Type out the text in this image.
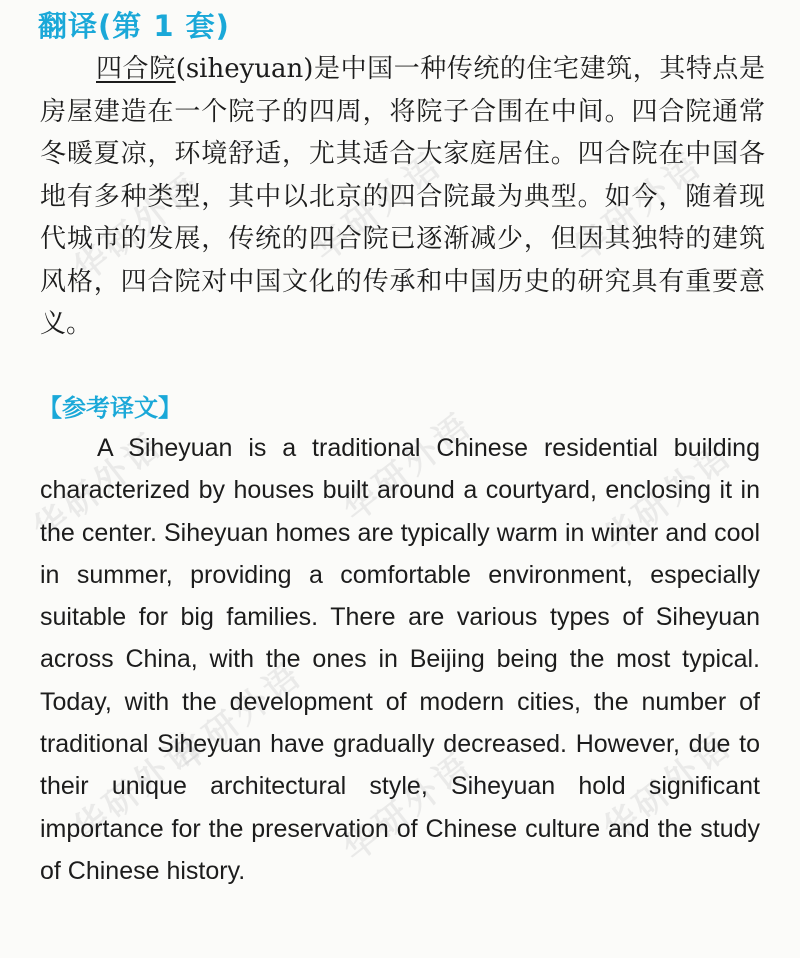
华研外语	华研外语	华研外语
华研外语	华研外语	华研外语
华研外语
华研外语	华研外语	华研外语
翻译(第 1 套)

四合院(siheyuan)是中国一种传统的住宅建筑，其特点是房屋建造在一个院子的四周，将院子合围在中间。四合院通常冬暖夏凉，环境舒适，尤其适合大家庭居住。四合院在中国各地有多种类型，其中以北京的四合院最为典型。如今，随着现代城市的发展，传统的四合院已逐渐减少，但因其独特的建筑风格，四合院对中国文化的传承和中国历史的研究具有重要意义。

【参考译文】

A Siheyuan is a traditional Chinese residential building characterized by houses built around a courtyard, enclosing it in the center. Siheyuan homes are typically warm in winter and cool in summer, providing a comfortable environment, especially suitable for big families. There are various types of Siheyuan across China, with the ones in Beijing being the most typical. Today, with the development of modern cities, the number of traditional Siheyuan have gradually decreased. However, due to their unique architectural style, Siheyuan hold significant importance for the preservation of Chinese culture and the study of Chinese history.
